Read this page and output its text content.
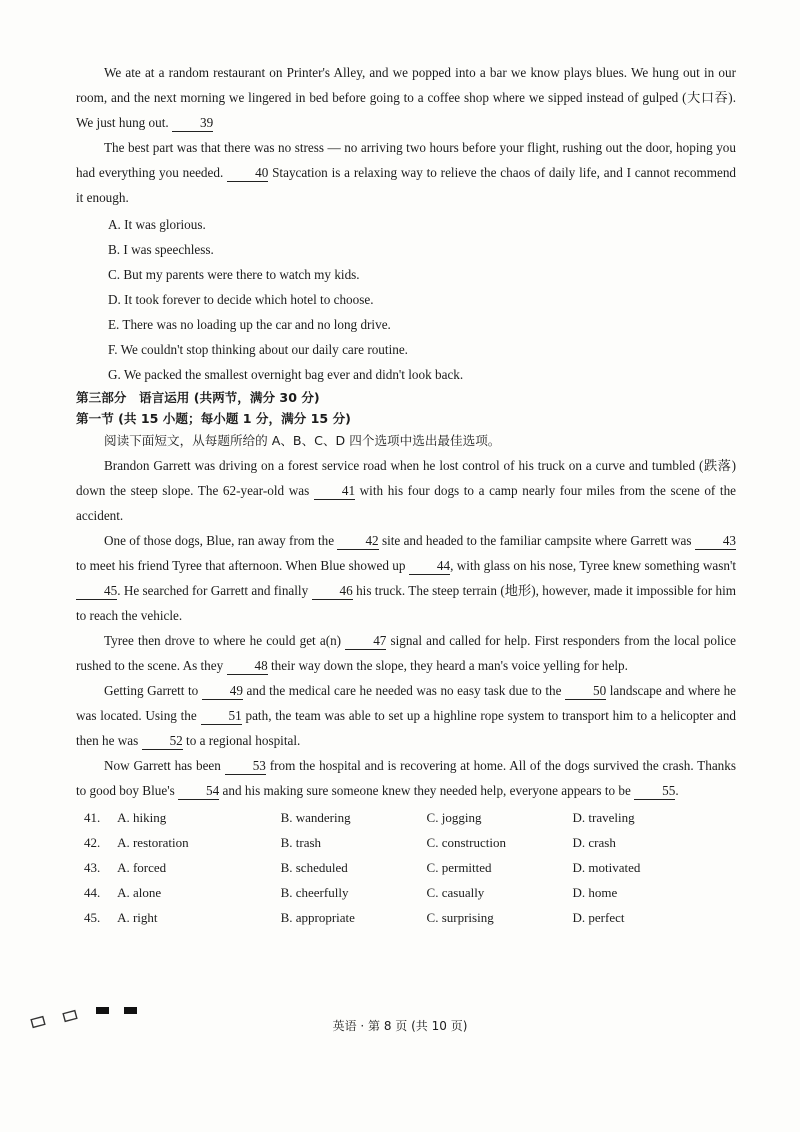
We ate at a random restaurant on Printer's Alley, and we popped into a bar we know plays blues. We hung out in our room, and the next morning we lingered in bed before going to a coffee shop where we sipped instead of gulped (大口吞). We just hung out. 39

The best part was that there was no stress — no arriving two hours before your flight, rushing out the door, hoping you had everything you needed. 40 Staycation is a relaxing way to relieve the chaos of daily life, and I cannot recommend it enough.

A. It was glorious.

B. I was speechless.

C. But my parents were there to watch my kids.

D. It took forever to decide which hotel to choose.

E. There was no loading up the car and no long drive.

F. We couldn't stop thinking about our daily care routine.

G. We packed the smallest overnight bag ever and didn't look back.

第三部分　语言运用 (共两节，满分 30 分)

第一节 (共 15 小题；每小题 1 分，满分 15 分)

阅读下面短文，从每题所给的 A、B、C、D 四个选项中选出最佳选项。

Brandon Garrett was driving on a forest service road when he lost control of his truck on a curve and tumbled (跌落) down the steep slope. The 62-year-old was 41 with his four dogs to a camp nearly four miles from the scene of the accident.

One of those dogs, Blue, ran away from the 42 site and headed to the familiar campsite where Garrett was 43 to meet his friend Tyree that afternoon. When Blue showed up 44, with glass on his nose, Tyree knew something wasn't 45. He searched for Garrett and finally 46 his truck. The steep terrain (地形), however, made it impossible for him to reach the vehicle.

Tyree then drove to where he could get a(n) 47 signal and called for help. First responders from the local police rushed to the scene. As they 48 their way down the slope, they heard a man's voice yelling for help.

Getting Garrett to 49 and the medical care he needed was no easy task due to the 50 landscape and where he was located. Using the 51 path, the team was able to set up a highline rope system to transport him to a helicopter and then he was 52 to a regional hospital.

Now Garrett has been 53 from the hospital and is recovering at home. All of the dogs survived the crash. Thanks to good boy Blue's 54 and his making sure someone knew they needed help, everyone appears to be 55.

41.	A. hiking	B. wandering	C. jogging	D. traveling
42.	A. restoration	B. trash	C. construction	D. crash
43.	A. forced	B. scheduled	C. permitted	D. motivated
44.	A. alone	B. cheerfully	C. casually	D. home
45.	A. right	B. appropriate	C. surprising	D. perfect
英语 · 第 8 页 (共 10 页)
